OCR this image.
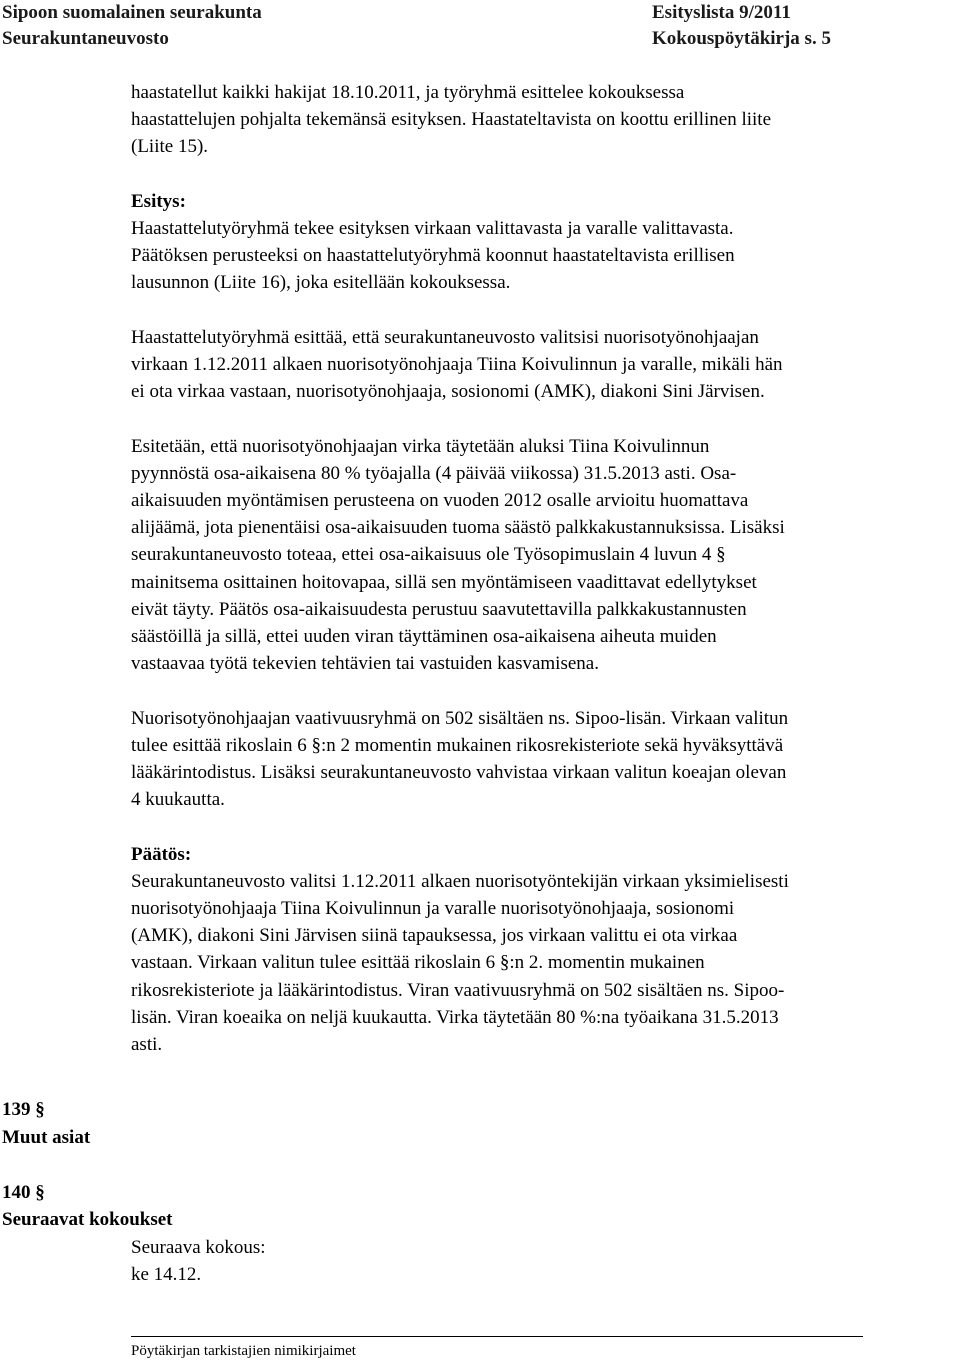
Sipoon suomalainen seurakunta
Seurakuntaneuvosto
Esityslista 9/2011
Kokouspöytäkirja s. 5
haastatellut kaikki hakijat 18.10.2011, ja työryhmä esittelee kokouksessa
haastattelujen pohjalta tekemänsä esityksen. Haastateltavista on koottu erillinen liite
(Liite 15).
Esitys:
Haastattelutyöryhmä tekee esityksen virkaan valittavasta ja varalle valittavasta.
Päätöksen perusteeksi on haastattelutyöryhmä koonnut haastateltavista erillisen
lausunnon (Liite 16), joka esitellään kokouksessa.
Haastattelutyöryhmä esittää, että seurakuntaneuvosto valitsisi nuorisotyönohjaajan
virkaan 1.12.2011 alkaen nuorisotyönohjaaja Tiina Koivulinnun ja varalle, mikäli hän
ei ota virkaa vastaan, nuorisotyönohjaaja, sosionomi (AMK), diakoni Sini Järvisen.
Esitetään, että nuorisotyönohjaajan virka täytetään aluksi Tiina Koivulinnun
pyynnöstä osa-aikaisena 80 % työajalla (4 päivää viikossa) 31.5.2013 asti. Osa-
aikaisuuden myöntämisen perusteena on vuoden 2012 osalle arvioitu huomattava
alijäämä, jota pienentäisi osa-aikaisuuden tuoma säästö palkkakustannuksissa. Lisäksi
seurakuntaneuvosto toteaa, ettei osa-aikaisuus ole Työsopimuslain 4 luvun 4 §
mainitsema osittainen hoitovapaa, sillä sen myöntämiseen vaadittavat edellytykset
eivät täyty. Päätös osa-aikaisuudesta perustuu saavutettavilla palkkakustannusten
säästöillä ja sillä, ettei uuden viran täyttäminen osa-aikaisena aiheuta muiden
vastaavaa työtä tekevien tehtävien tai vastuiden kasvamisena.
Nuorisotyönohjaajan vaativuusryhmä on 502 sisältäen ns. Sipoo-lisän. Virkaan valitun
tulee esittää rikoslain 6 §:n 2 momentin mukainen rikosrekisteriote sekä hyväksyttävä
lääkärintodistus. Lisäksi seurakuntaneuvosto vahvistaa virkaan valitun koeajan olevan
4 kuukautta.
Päätös:
Seurakuntaneuvosto valitsi 1.12.2011 alkaen nuorisotyöntekijän virkaan yksimielisesti
nuorisotyönohjaaja Tiina Koivulinnun ja varalle nuorisotyönohjaaja, sosionomi
(AMK), diakoni Sini Järvisen siinä tapauksessa, jos virkaan valittu ei ota virkaa
vastaan. Virkaan valitun tulee esittää rikoslain 6 §:n 2. momentin mukainen
rikosrekisteriote ja lääkärintodistus. Viran vaativuusryhmä on 502 sisältäen ns. Sipoo-
lisän. Viran koeaika on neljä kuukautta. Virka täytetään 80 %:na työaikana 31.5.2013
asti.
139 §
Muut asiat
140 §
Seuraavat kokoukset
Seuraava kokous:
ke 14.12.
Pöytäkirjan tarkistajien nimikirjaimet
